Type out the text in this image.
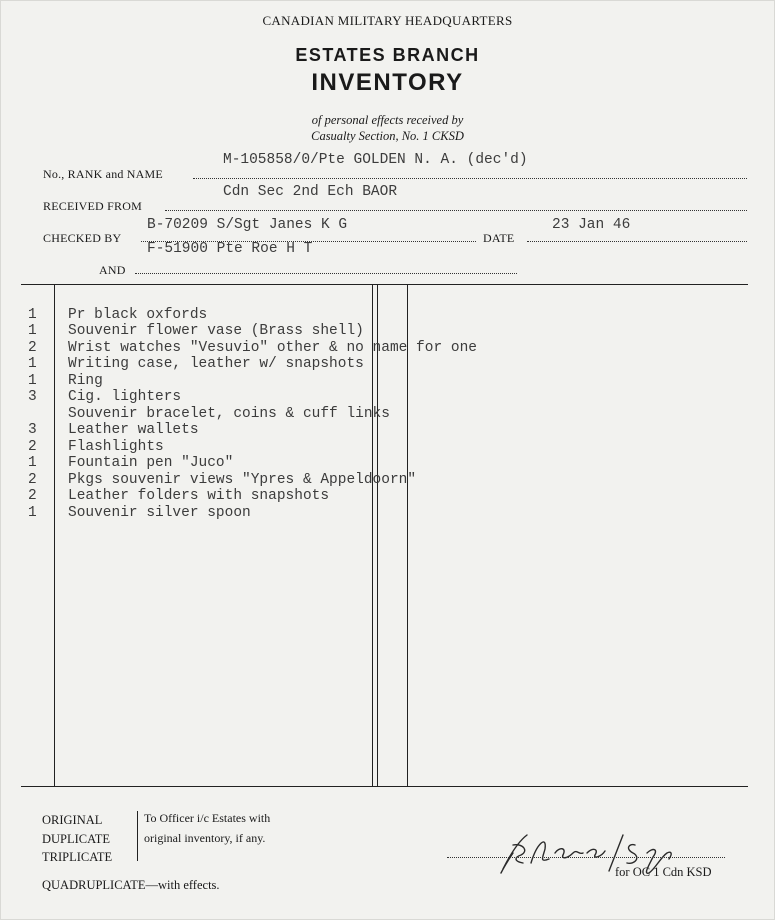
CANADIAN MILITARY HEADQUARTERS
ESTATES BRANCH
INVENTORY
of personal effects received by
Casualty Section, No. 1 CKSD
No., RANK and NAME
M-105858/0/Pte GOLDEN N. A. (dec'd)
RECEIVED FROM
Cdn Sec 2nd Ech BAOR
CHECKED BY
B-70209 S/Sgt Janes K G
DATE
23 Jan 46
AND
F-51900 Pte Roe H T
1	Pr black oxfords
1	Souvenir flower vase (Brass shell)
2	Wrist watches "Vesuvio" other & no name for one
1	Writing case, leather w/ snapshots
1	Ring
3	Cig. lighters
Souvenir bracelet, coins & cuff links
3	Leather wallets
2	Flashlights
1	Fountain pen "Juco"
2	Pkgs souvenir views "Ypres & Appeldoorn"
2	Leather folders with snapshots
1	Souvenir silver spoon
ORIGINAL
DUPLICATE
TRIPLICATE
To Officer i/c Estates with
original inventory, if any.
QUADRUPLICATE—with effects.
for OC 1 Cdn KSD
